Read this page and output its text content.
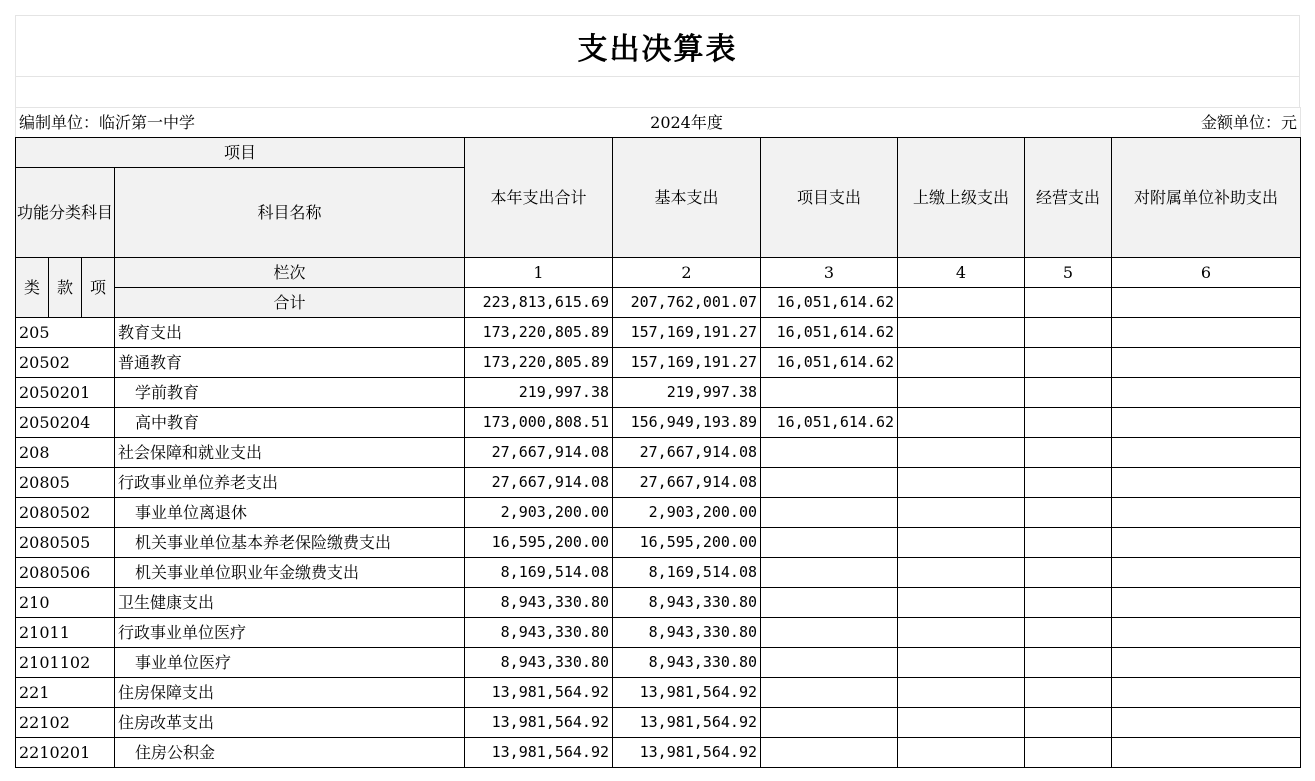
支出决算表
编制单位：临沂第一中学					2024年度				金额单位：元
项目				本年支出合计	基本支出	项目支出	上缴上级支出	经营支出	对附属单位补助支出
功能分类科目			科目名称						
类	款	项	栏次	1	2	3	4	5	6
			合计	223,813,615.69	207,762,001.07	16,051,614.62			
205			教育支出	173,220,805.89	157,169,191.27	16,051,614.62			
20502			普通教育	173,220,805.89	157,169,191.27	16,051,614.62			
2050201			学前教育	219,997.38	219,997.38				
2050204			高中教育	173,000,808.51	156,949,193.89	16,051,614.62			
208			社会保障和就业支出	27,667,914.08	27,667,914.08				
20805			行政事业单位养老支出	27,667,914.08	27,667,914.08				
2080502			事业单位离退休	2,903,200.00	2,903,200.00				
2080505			机关事业单位基本养老保险缴费支出	16,595,200.00	16,595,200.00				
2080506			机关事业单位职业年金缴费支出	8,169,514.08	8,169,514.08				
210			卫生健康支出	8,943,330.80	8,943,330.80				
21011			行政事业单位医疗	8,943,330.80	8,943,330.80				
2101102			事业单位医疗	8,943,330.80	8,943,330.80				
221			住房保障支出	13,981,564.92	13,981,564.92				
22102			住房改革支出	13,981,564.92	13,981,564.92				
2210201			住房公积金	13,981,564.92	13,981,564.92				
